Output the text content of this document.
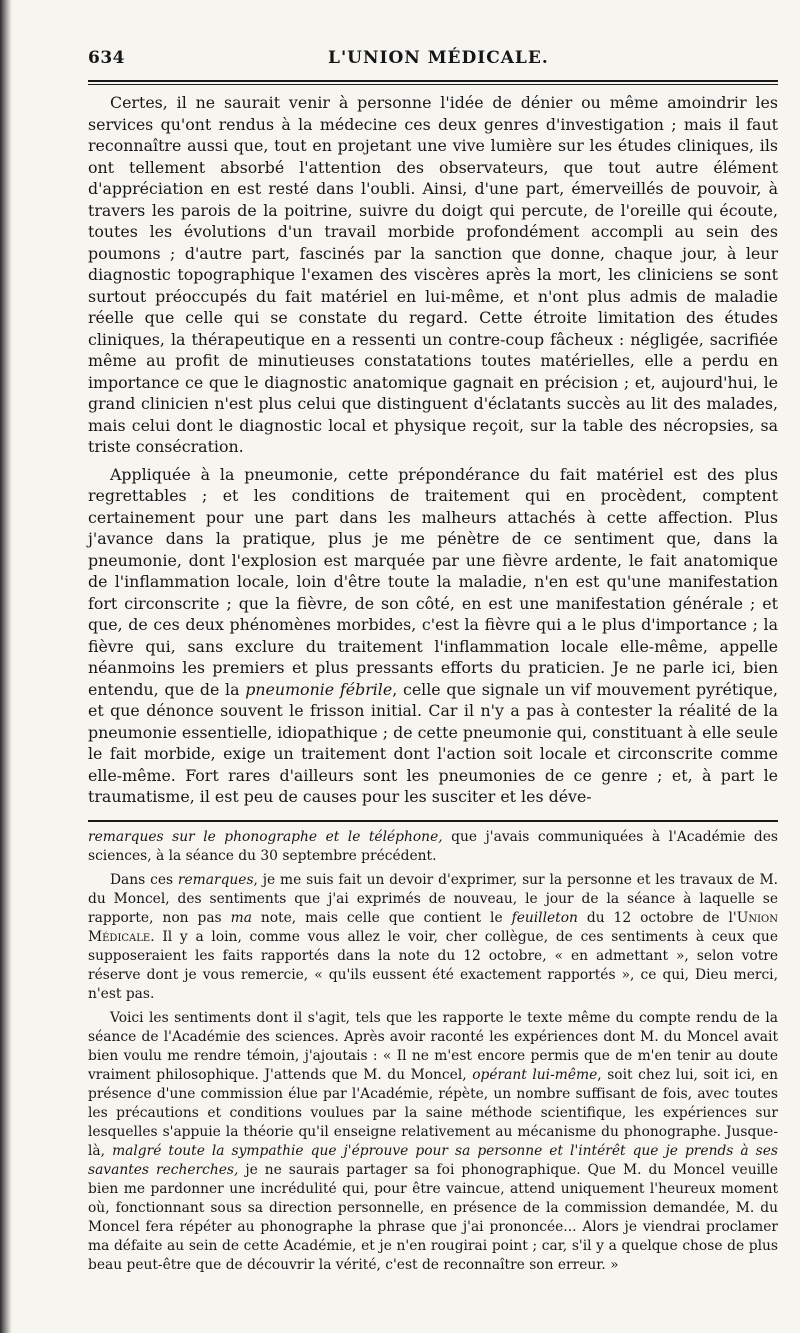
634	L'UNION MÉDICALE.

Certes, il ne saurait venir à personne l'idée de dénier ou même amoindrir les services qu'ont rendus à la médecine ces deux genres d'investigation ; mais il faut reconnaître aussi que, tout en projetant une vive lumière sur les études cliniques, ils ont tellement absorbé l'attention des observateurs, que tout autre élément d'appréciation en est resté dans l'oubli. Ainsi, d'une part, émerveillés de pouvoir, à travers les parois de la poitrine, suivre du doigt qui percute, de l'oreille qui écoute, toutes les évolutions d'un travail morbide profondément accompli au sein des poumons ; d'autre part, fascinés par la sanction que donne, chaque jour, à leur diagnostic topographique l'examen des viscères après la mort, les cliniciens se sont surtout préoccupés du fait matériel en lui-même, et n'ont plus admis de maladie réelle que celle qui se constate du regard. Cette étroite limitation des études cliniques, la thérapeutique en a ressenti un contre-coup fâcheux : négligée, sacrifiée même au profit de minutieuses constatations toutes matérielles, elle a perdu en importance ce que le diagnostic anatomique gagnait en précision ; et, aujourd'hui, le grand clinicien n'est plus celui que distinguent d'éclatants succès au lit des malades, mais celui dont le diagnostic local et physique reçoit, sur la table des nécropsies, sa triste consécration.

Appliquée à la pneumonie, cette prépondérance du fait matériel est des plus regrettables ; et les conditions de traitement qui en procèdent, comptent certainement pour une part dans les malheurs attachés à cette affection. Plus j'avance dans la pratique, plus je me pénètre de ce sentiment que, dans la pneumonie, dont l'explosion est marquée par une fièvre ardente, le fait anatomique de l'inflammation locale, loin d'être toute la maladie, n'en est qu'une manifestation fort circonscrite ; que la fièvre, de son côté, en est une manifestation générale ; et que, de ces deux phénomènes morbides, c'est la fièvre qui a le plus d'importance ; la fièvre qui, sans exclure du traitement l'inflammation locale elle-même, appelle néanmoins les premiers et plus pressants efforts du praticien. Je ne parle ici, bien entendu, que de la pneumonie fébrile, celle que signale un vif mouvement pyrétique, et que dénonce souvent le frisson initial. Car il n'y a pas à contester la réalité de la pneumonie essentielle, idiopathique ; de cette pneumonie qui, constituant à elle seule le fait morbide, exige un traitement dont l'action soit locale et circonscrite comme elle-même. Fort rares d'ailleurs sont les pneumonies de ce genre ; et, à part le traumatisme, il est peu de causes pour les susciter et les déve-

remarques sur le phonographe et le téléphone, que j'avais communiquées à l'Académie des sciences, à la séance du 30 septembre précédent.

Dans ces remarques, je me suis fait un devoir d'exprimer, sur la personne et les travaux de M. du Moncel, des sentiments que j'ai exprimés de nouveau, le jour de la séance à laquelle se rapporte, non pas ma note, mais celle que contient le feuilleton du 12 octobre de l'Union Médicale. Il y a loin, comme vous allez le voir, cher collègue, de ces sentiments à ceux que supposeraient les faits rapportés dans la note du 12 octobre, « en admettant », selon votre réserve dont je vous remercie, « qu'ils eussent été exactement rapportés », ce qui, Dieu merci, n'est pas.

Voici les sentiments dont il s'agit, tels que les rapporte le texte même du compte rendu de la séance de l'Académie des sciences. Après avoir raconté les expériences dont M. du Moncel avait bien voulu me rendre témoin, j'ajoutais : « Il ne m'est encore permis que de m'en tenir au doute vraiment philosophique. J'attends que M. du Moncel, opérant lui-même, soit chez lui, soit ici, en présence d'une commission élue par l'Académie, répète, un nombre suffisant de fois, avec toutes les précautions et conditions voulues par la saine méthode scientifique, les expériences sur lesquelles s'appuie la théorie qu'il enseigne relativement au mécanisme du phonographe. Jusque-là, malgré toute la sympathie que j'éprouve pour sa personne et l'intérêt que je prends à ses savantes recherches, je ne saurais partager sa foi phonographique. Que M. du Moncel veuille bien me pardonner une incrédulité qui, pour être vaincue, attend uniquement l'heureux moment où, fonctionnant sous sa direction personnelle, en présence de la commission demandée, M. du Moncel fera répéter au phonographe la phrase que j'ai prononcée... Alors je viendrai proclamer ma défaite au sein de cette Académie, et je n'en rougirai point ; car, s'il y a quelque chose de plus beau peut-être que de découvrir la vérité, c'est de reconnaître son erreur. »
